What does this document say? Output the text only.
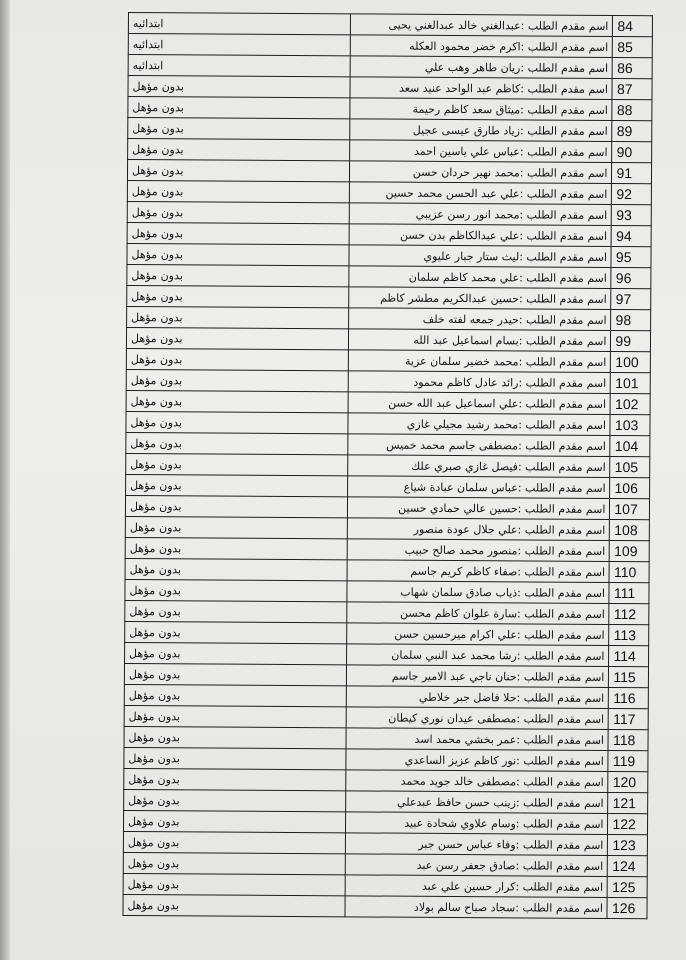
ابتدائيه	اسم مقدم الطلب :عبدالغني خالد عبدالغني يحيى	84
ابتدائيه	اسم مقدم الطلب :اكرم خضر محمود العكله	85
ابتدائيه	اسم مقدم الطلب :ريان طاهر وهب علي	86
بدون مؤهل	اسم مقدم الطلب :كاظم عبد الواحد عنيد سعد	87
بدون مؤهل	اسم مقدم الطلب :ميثاق سعد كاظم رحيمة	88
بدون مؤهل	اسم مقدم الطلب :زياد طارق عيسى عجيل	89
بدون مؤهل	اسم مقدم الطلب :عباس علي ياسين احمد	90
بدون مؤهل	اسم مقدم الطلب :محمد نهير حردان حسن	91
بدون مؤهل	اسم مقدم الطلب :علي عبد الحسن محمد حسين	92
بدون مؤهل	اسم مقدم الطلب :محمد انور رسن عزيبي	93
بدون مؤهل	اسم مقدم الطلب :علي عبدالكاظم بدن حسن	94
بدون مؤهل	اسم مقدم الطلب :ليث ستار جبار عليوي	95
بدون مؤهل	اسم مقدم الطلب :علي محمد كاظم سلمان	96
بدون مؤهل	اسم مقدم الطلب :حسين عبدالكريم مطشر كاظم	97
بدون مؤهل	اسم مقدم الطلب :حيدر جمعه لفته خلف	98
بدون مؤهل	اسم مقدم الطلب :بسام اسماعيل عبد الله	99
بدون مؤهل	اسم مقدم الطلب :محمد خضير سلمان عزية	100
بدون مؤهل	اسم مقدم الطلب :رائد عادل كاظم محمود	101
بدون مؤهل	اسم مقدم الطلب :علي اسماعيل عبد الله حسن	102
بدون مؤهل	اسم مقدم الطلب :محمد رشيد مجيلي غازي	103
بدون مؤهل	اسم مقدم الطلب :مصطفى جاسم محمد خميس	104
بدون مؤهل	اسم مقدم الطلب :فيصل غازي صبري علك	105
بدون مؤهل	اسم مقدم الطلب :عباس سلمان عبادة شياع	106
بدون مؤهل	اسم مقدم الطلب :حسين عالي حمادي حسين	107
بدون مؤهل	اسم مقدم الطلب :علي جلال عودة منصور	108
بدون مؤهل	اسم مقدم الطلب :منصور محمد صالح حبيب	109
بدون مؤهل	اسم مقدم الطلب :صفاء كاظم كريم جاسم	110
بدون مؤهل	اسم مقدم الطلب :ذياب صادق سلمان شهاب	111
بدون مؤهل	اسم مقدم الطلب :سارة علوان كاظم محسن	112
بدون مؤهل	اسم مقدم الطلب :علي اكرام ميرحسين حسن	113
بدون مؤهل	اسم مقدم الطلب :رشا محمد عبد النبي سلمان	114
بدون مؤهل	اسم مقدم الطلب :حنان ناجي عبد الامير جاسم	115
بدون مؤهل	اسم مقدم الطلب :حلا فاضل جبر خلاطي	116
بدون مؤهل	اسم مقدم الطلب :مصطفى عيدان نوري كيطان	117
بدون مؤهل	اسم مقدم الطلب :عمر بخشي محمد اسد	118
بدون مؤهل	اسم مقدم الطلب :نور كاظم عزيز الساعدي	119
بدون مؤهل	اسم مقدم الطلب :مصطفى خالد جويد محمد	120
بدون مؤهل	اسم مقدم الطلب :زينب حسن حافظ عبدعلي	121
بدون مؤهل	اسم مقدم الطلب :وسام علاوي شحادة عبيد	122
بدون مؤهل	اسم مقدم الطلب :وفاء عباس حسن جبر	123
بدون مؤهل	اسم مقدم الطلب :صادق جعفر رسن عبد	124
بدون مؤهل	اسم مقدم الطلب :كرار حسين علي عبد	125
بدون مؤهل	اسم مقدم الطلب :سجاد صباح سالم بولاد	126
